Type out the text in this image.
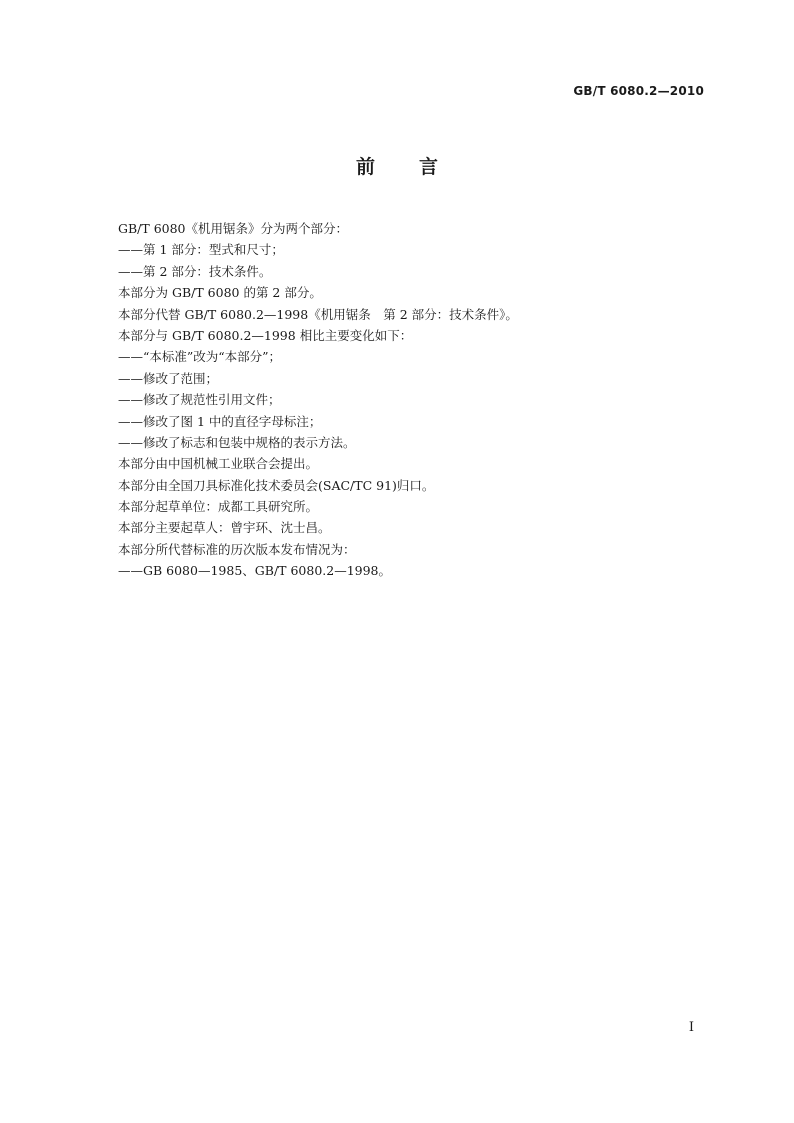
GB/T 6080.2—2010
前言
GB/T 6080《机用锯条》分为两个部分：
——第 1 部分：型式和尺寸；
——第 2 部分：技术条件。
本部分为 GB/T 6080 的第 2 部分。
本部分代替 GB/T 6080.2—1998《机用锯条　第 2 部分：技术条件》。
本部分与 GB/T 6080.2—1998 相比主要变化如下：
——“本标准”改为“本部分”；
——修改了范围；
——修改了规范性引用文件；
——修改了图 1 中的直径字母标注；
——修改了标志和包装中规格的表示方法。
本部分由中国机械工业联合会提出。
本部分由全国刀具标准化技术委员会(SAC/TC 91)归口。
本部分起草单位：成都工具研究所。
本部分主要起草人：曾宇环、沈士昌。
本部分所代替标准的历次版本发布情况为：
——GB 6080—1985、GB/T 6080.2—1998。
I
